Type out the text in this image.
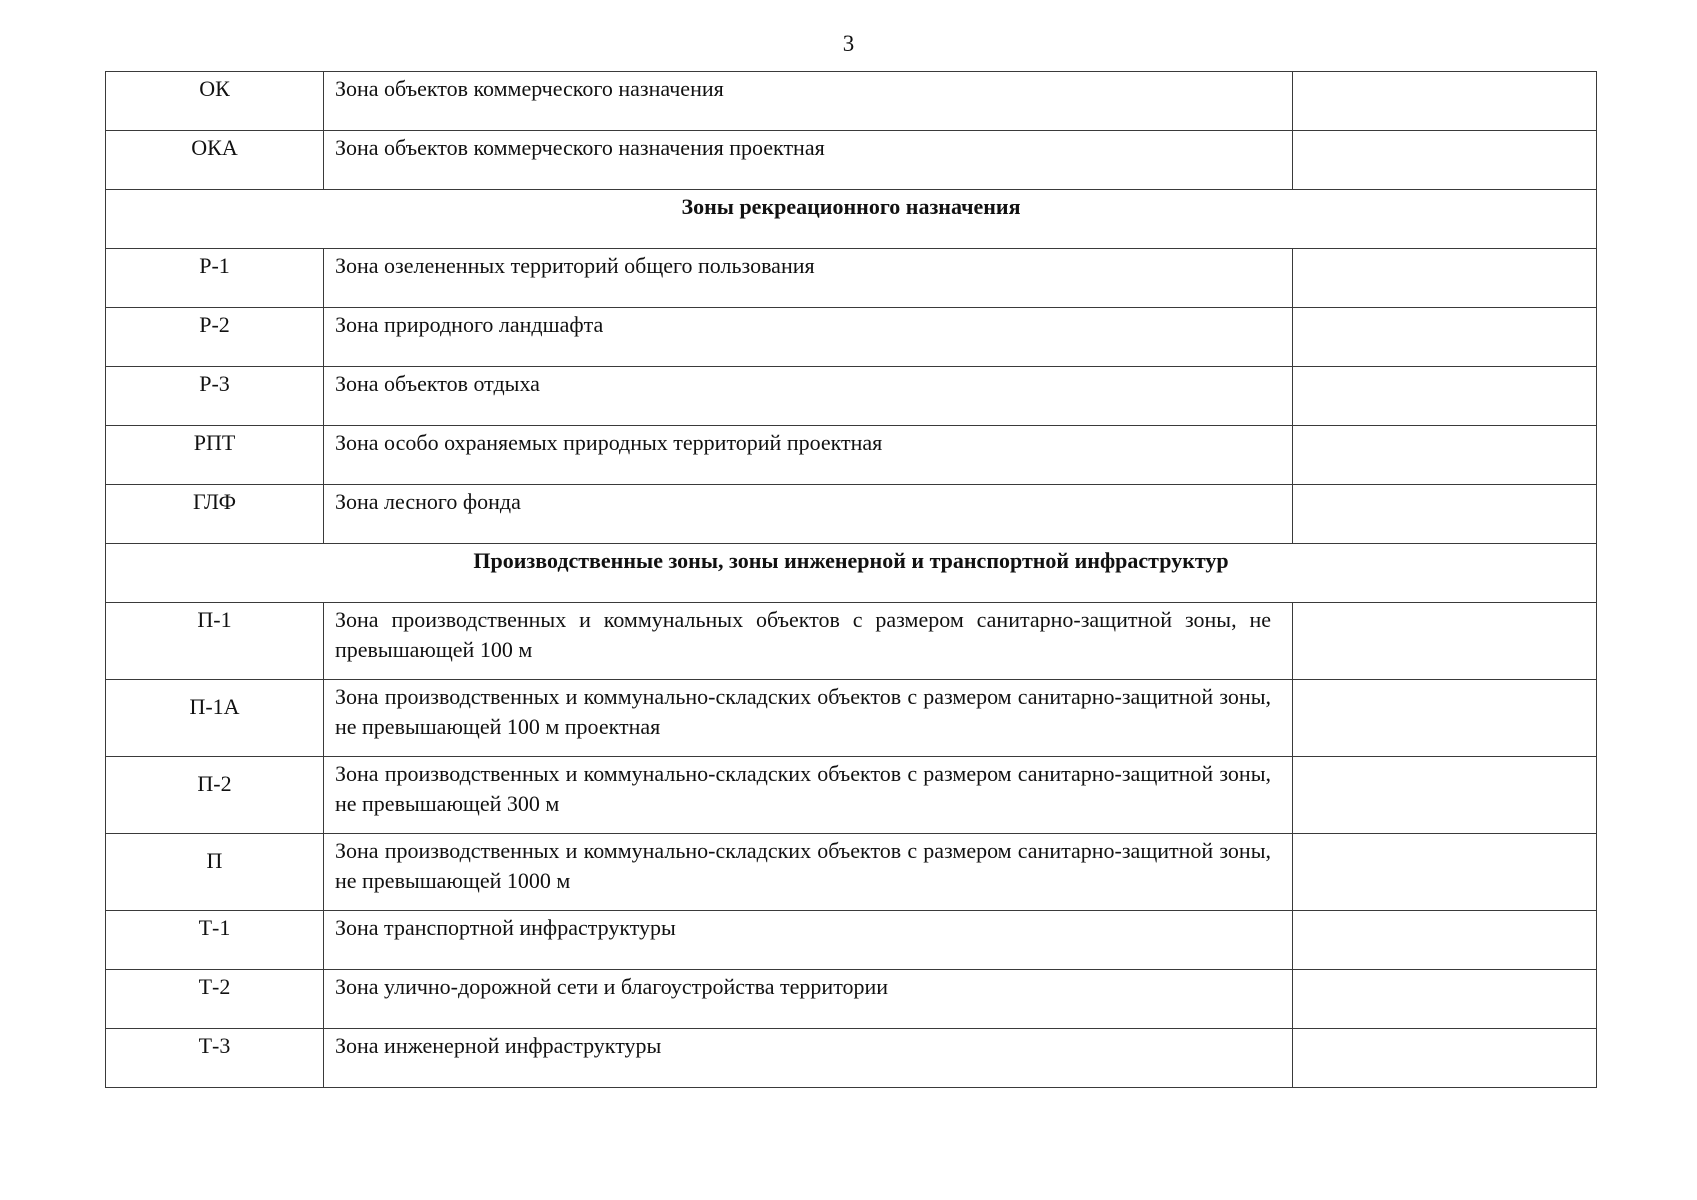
3
ОК	Зона объектов коммерческого назначения	
ОКА	Зона объектов коммерческого назначения проектная	
Зоны рекреационного назначения		
Р-1	Зона озелененных территорий общего пользования	
Р-2	Зона природного ландшафта	
Р-3	Зона объектов отдыха	
РПТ	Зона особо охраняемых природных территорий проектная	
ГЛФ	Зона лесного фонда	
Производственные зоны, зоны инженерной и транспортной инфраструктур		
П-1	Зона производственных и коммунальных объектов с размером санитарно-защитной зоны, не превышающей 100 м	
П-1А	Зона производственных и коммунально-складских объектов с размером санитарно-защитной зоны, не превышающей 100 м проектная	
П-2	Зона производственных и коммунально-складских объектов с размером санитарно-защитной зоны, не превышающей 300 м	
П	Зона производственных и коммунально-складских объектов с размером санитарно-защитной зоны, не превышающей 1000 м	
Т-1	Зона транспортной инфраструктуры	
Т-2	Зона улично-дорожной сети и благоустройства территории	
Т-3	Зона инженерной инфраструктуры	
